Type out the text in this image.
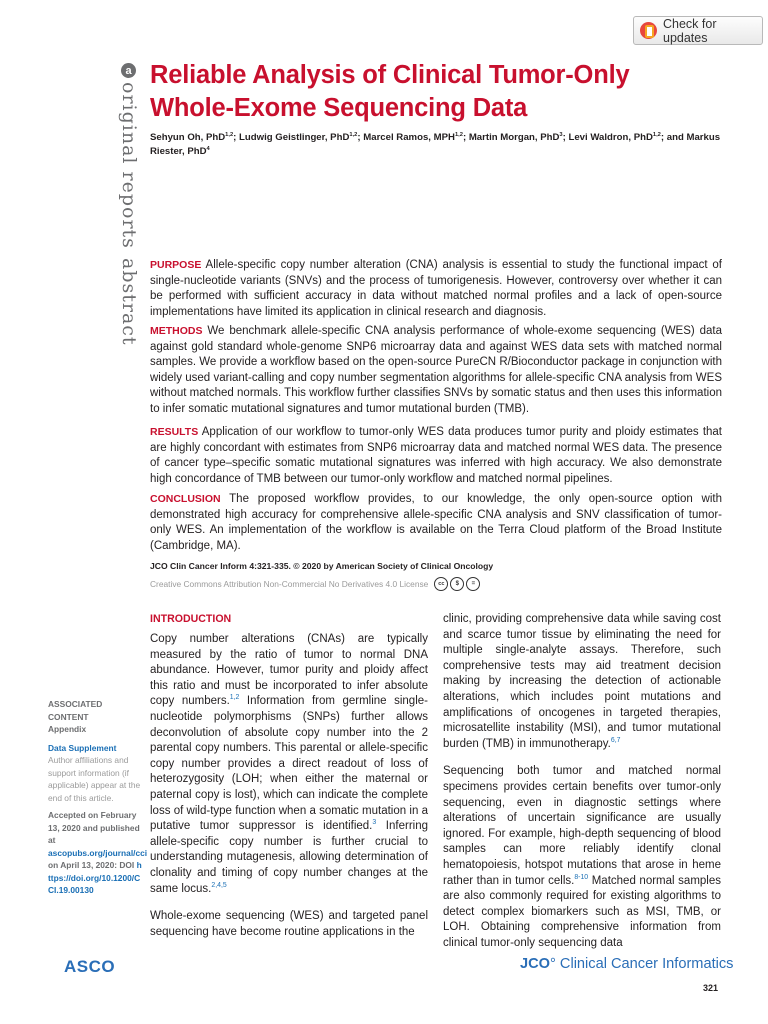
Check for updates
a
original reports
abstract
Reliable Analysis of Clinical Tumor-Only
Whole-Exome Sequencing Data

Sehyun Oh, PhD$^{1,2}$; Ludwig Geistlinger, PhD$^{1,2}$; Marcel Ramos, MPH$^{1,2}$; Martin Morgan, PhD$^3$; Levi Waldron, PhD$^{1,2}$; and Markus Riester, PhD$^4$

PURPOSE Allele-specific copy number alteration (CNA) analysis is essential to study the functional impact of single-nucleotide variants (SNVs) and the process of tumorigenesis. However, controversy over whether it can be performed with sufficient accuracy in data without matched normal profiles and a lack of open-source implementations have limited its application in clinical research and diagnosis.

METHODS We benchmark allele-specific CNA analysis performance of whole-exome sequencing (WES) data against gold standard whole-genome SNP6 microarray data and against WES data sets with matched normal samples. We provide a workflow based on the open-source PureCN R/Bioconductor package in conjunction with widely used variant-calling and copy number segmentation algorithms for allele-specific CNA analysis from WES without matched normals. This workflow further classifies SNVs by somatic status and then uses this information to infer somatic mutational signatures and tumor mutational burden (TMB).

RESULTS Application of our workflow to tumor-only WES data produces tumor purity and ploidy estimates that are highly concordant with estimates from SNP6 microarray data and matched normal WES data. The presence of cancer type–specific somatic mutational signatures was inferred with high accuracy. We also demonstrate high concordance of TMB between our tumor-only workflow and matched normal pipelines.

CONCLUSION The proposed workflow provides, to our knowledge, the only open-source option with demonstrated high accuracy for comprehensive allele-specific CNA analysis and SNV classification of tumor-only WES. An implementation of the workflow is available on the Terra Cloud platform of the Broad Institute (Cambridge, MA).

JCO Clin Cancer Inform 4:321-335. © 2020 by American Society of Clinical Oncology

Creative Commons Attribution Non-Commercial No Derivatives 4.0 License	cc $ =

ASSOCIATED CONTENT

Appendix

Data Supplement

Author affiliations and support information (if applicable) appear at the end of this article.

Accepted on February 13, 2020 and published at ascopubs.org/journal/cci on April 13, 2020: DOI https://doi.org/10.1200/CCI.19.00130

INTRODUCTION

Copy number alterations (CNAs) are typically measured by the ratio of tumor to normal DNA abundance. However, tumor purity and ploidy affect this ratio and must be incorporated to infer absolute copy numbers.$^{1,2}$ Information from germline single-nucleotide polymorphisms (SNPs) further allows deconvolution of absolute copy number into the 2 parental copy numbers. This parental or allele-specific copy number provides a direct readout of loss of heterozygosity (LOH; when either the maternal or paternal copy is lost), which can indicate the complete loss of wild-type function when a somatic mutation in a putative tumor suppressor is identified.$^3$ Inferring allele-specific copy number is further crucial to understanding mutagenesis, allowing determination of clonality and timing of copy number changes at the same locus.$^{2,4,5}$

Whole-exome sequencing (WES) and targeted panel sequencing have become routine applications in the

clinic, providing comprehensive data while saving cost and scarce tumor tissue by eliminating the need for multiple single-analyte assays. Therefore, such comprehensive tests may aid treatment decision making by increasing the detection of actionable alterations, which includes point mutations and amplifications of oncogenes in targeted therapies, microsatellite instability (MSI), and tumor mutational burden (TMB) in immunotherapy.$^{6,7}$

Sequencing both tumor and matched normal specimens provides certain benefits over tumor-only sequencing, even in diagnostic settings where alterations of uncertain significance are usually ignored. For example, high-depth sequencing of blood samples can more reliably identify clonal hematopoiesis, hotspot mutations that arose in heme rather than in tumor cells.$^{8-10}$ Matched normal samples are also commonly required for existing algorithms to detect complex biomarkers such as MSI, TMB, or LOH. Obtaining comprehensive information from clinical tumor-only sequencing data

ASCO	JCO° Clinical Cancer Informatics
321
